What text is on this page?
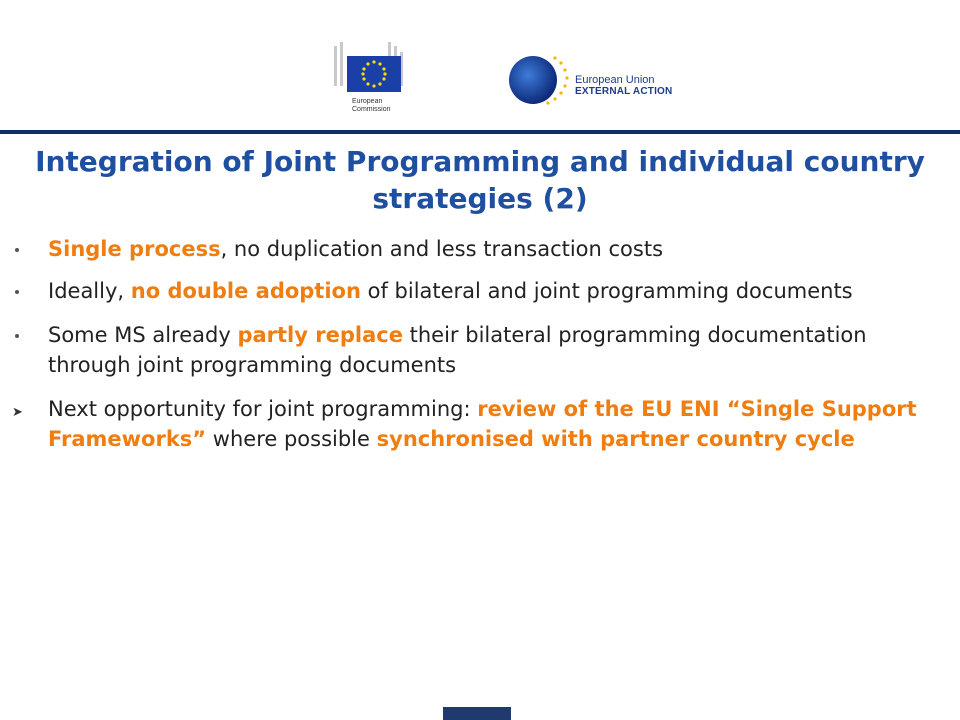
European
Commission
European Union
EXTERNAL ACTION
Integration of Joint Programming and individual country strategies (2)
Single process, no duplication and less transaction costs
Ideally, no double adoption of bilateral and joint programming documents
Some MS already partly replace their bilateral programming documentation through joint programming documents
➤	Next opportunity for joint programming: review of the EU ENI “Single Support Frameworks” where possible synchronised with partner country cycle
